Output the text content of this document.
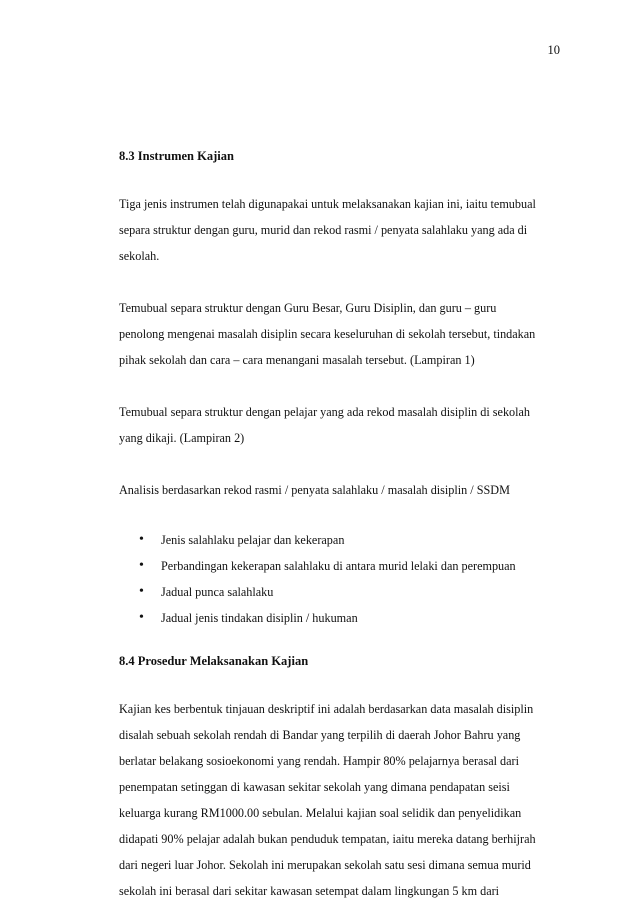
10
8.3 Instrumen Kajian

Tiga jenis instrumen telah digunapakai untuk melaksanakan kajian ini, iaitu temubual
separa struktur dengan guru, murid dan rekod rasmi / penyata salahlaku yang ada di
sekolah.

Temubual separa struktur dengan Guru Besar, Guru Disiplin, dan guru – guru
penolong mengenai masalah disiplin secara keseluruhan di sekolah tersebut, tindakan
pihak sekolah dan cara – cara menangani masalah tersebut. (Lampiran 1)

Temubual separa struktur dengan pelajar yang ada rekod masalah disiplin di sekolah
yang dikaji. (Lampiran 2)

Analisis berdasarkan rekod rasmi / penyata salahlaku / masalah disiplin / SSDM

• Jenis salahlaku pelajar dan kekerapan
• Perbandingan kekerapan salahlaku di antara murid lelaki dan perempuan
• Jadual punca salahlaku
• Jadual jenis tindakan disiplin / hukuman
8.4 Prosedur Melaksanakan Kajian

Kajian kes berbentuk tinjauan deskriptif ini adalah berdasarkan data masalah disiplin
disalah sebuah sekolah rendah di Bandar yang terpilih di daerah Johor Bahru yang
berlatar belakang sosioekonomi yang rendah. Hampir 80% pelajarnya berasal dari
penempatan setinggan di kawasan sekitar sekolah yang dimana pendapatan seisi
keluarga kurang RM1000.00 sebulan. Melalui kajian soal selidik dan penyelidikan
didapati 90% pelajar adalah bukan penduduk tempatan, iaitu mereka datang berhijrah
dari negeri luar Johor. Sekolah ini merupakan sekolah satu sesi dimana semua murid
sekolah ini berasal dari sekitar kawasan setempat dalam lingkungan 5 km dari
